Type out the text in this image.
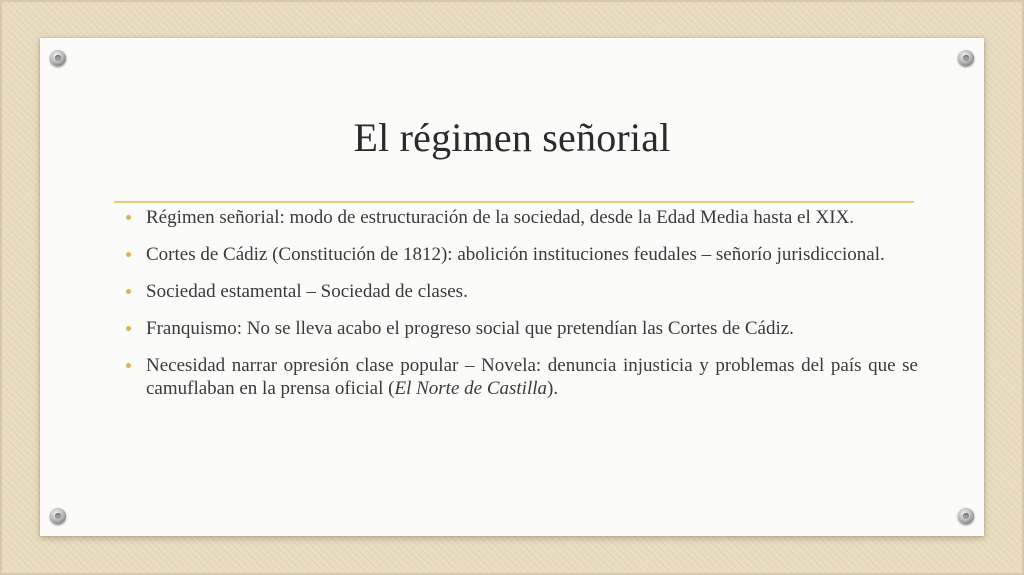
El régimen señorial
Régimen señorial: modo de estructuración de la sociedad, desde la Edad Media hasta el XIX.
Cortes de Cádiz (Constitución de 1812): abolición instituciones feudales – señorío jurisdiccional.
Sociedad estamental – Sociedad de clases.
Franquismo: No se lleva acabo el progreso social que pretendían las Cortes de Cádiz.
Necesidad narrar opresión clase popular – Novela: denuncia injusticia y problemas del país que se camuflaban en la prensa oficial (El Norte de Castilla).
